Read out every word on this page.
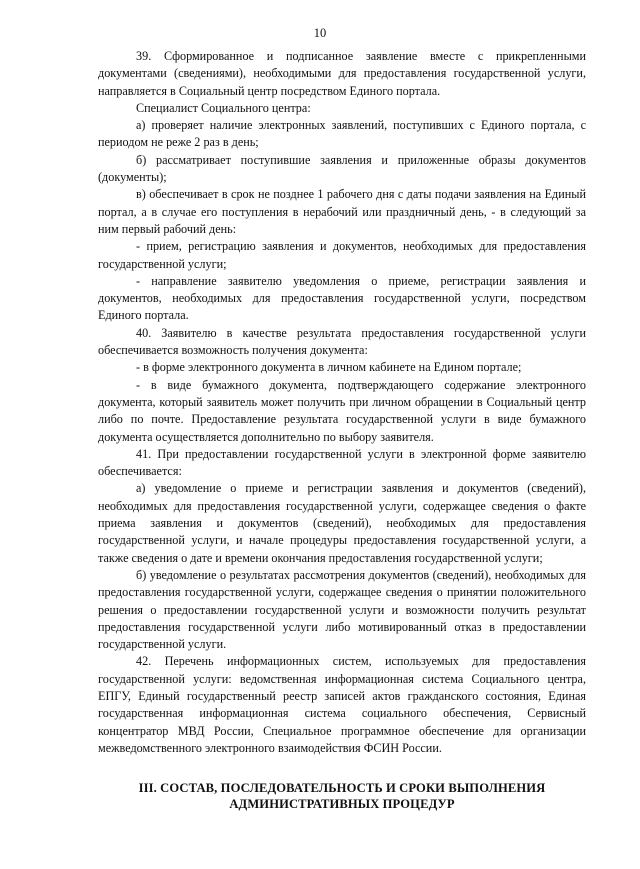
10

39. Сформированное и подписанное заявление вместе с прикрепленными документами (сведениями), необходимыми для предоставления государственной услуги, направляется в Социальный центр посредством Единого портала.

Специалист Социального центра:

а) проверяет наличие электронных заявлений, поступивших с Единого портала, с периодом не реже 2 раз в день;

б) рассматривает поступившие заявления и приложенные образы документов (документы);

в) обеспечивает в срок не позднее 1 рабочего дня с даты подачи заявления на Единый портал, а в случае его поступления в нерабочий или праздничный день, - в следующий за ним первый рабочий день:

- прием, регистрацию заявления и документов, необходимых для предоставления государственной услуги;

- направление заявителю уведомления о приеме, регистрации заявления и документов, необходимых для предоставления государственной услуги, посредством Единого портала.

40. Заявителю в качестве результата предоставления государственной услуги обеспечивается возможность получения документа:

- в форме электронного документа в личном кабинете на Едином портале;

- в виде бумажного документа, подтверждающего содержание электронного документа, который заявитель может получить при личном обращении в Социальный центр либо по почте. Предоставление результата государственной услуги в виде бумажного документа осуществляется дополнительно по выбору заявителя.

41. При предоставлении государственной услуги в электронной форме заявителю обеспечивается:

а) уведомление о приеме и регистрации заявления и документов (сведений), необходимых для предоставления государственной услуги, содержащее сведения о факте приема заявления и документов (сведений), необходимых для предоставления государственной услуги, и начале процедуры предоставления государственной услуги, а также сведения о дате и времени окончания предоставления государственной услуги;

б) уведомление о результатах рассмотрения документов (сведений), необходимых для предоставления государственной услуги, содержащее сведения о принятии положительного решения о предоставлении государственной услуги и возможности получить результат предоставления государственной услуги либо мотивированный отказ в предоставлении государственной услуги.

42. Перечень информационных систем, используемых для предоставления государственной услуги: ведомственная информационная система Социального центра, ЕПГУ, Единый государственный реестр записей актов гражданского состояния, Единая государственная информационная система социального обеспечения, Сервисный концентратор МВД России, Специальное программное обеспечение для организации межведомственного электронного взаимодействия ФСИН России.

III. СОСТАВ, ПОСЛЕДОВАТЕЛЬНОСТЬ И СРОКИ ВЫПОЛНЕНИЯ
АДМИНИСТРАТИВНЫХ ПРОЦЕДУР
